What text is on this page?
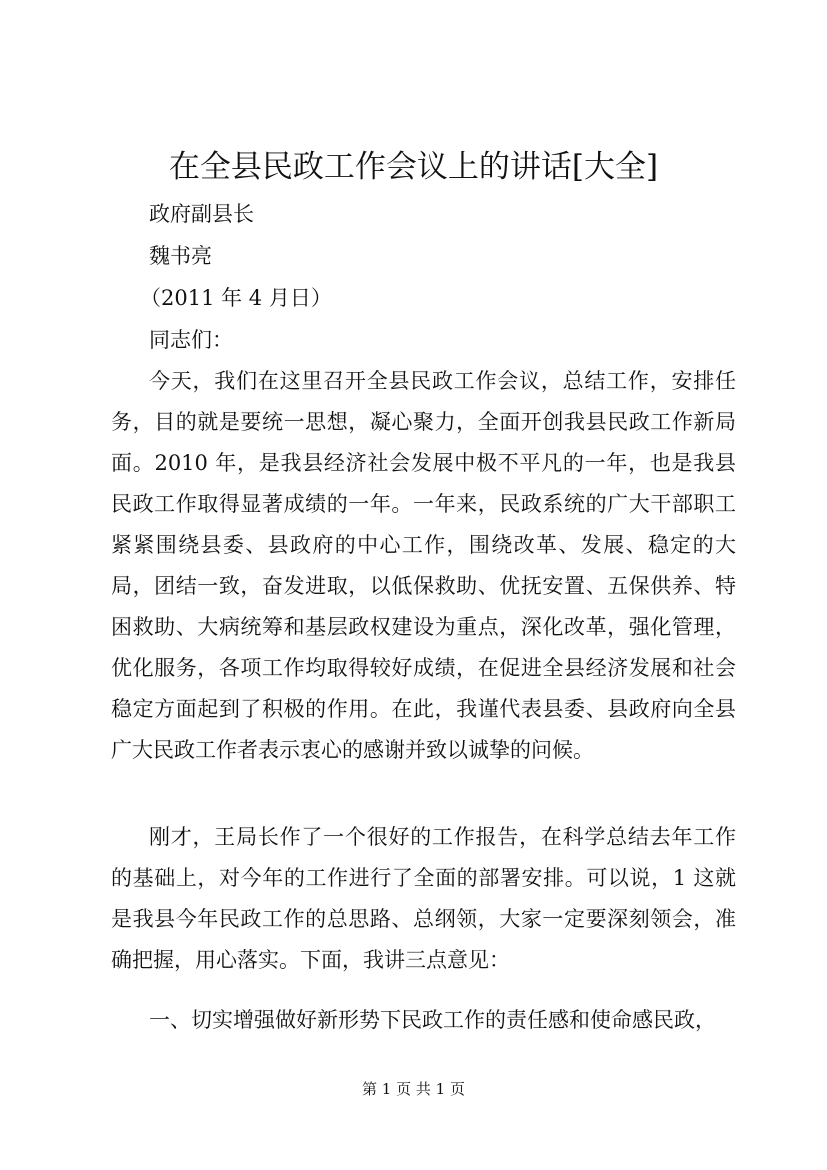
在全县民政工作会议上的讲话[大全]
政府副县长
魏书亮
（2011 年 4 月日）
同志们：

今天，我们在这里召开全县民政工作会议，总结工作，安排任务，目的就是要统一思想，凝心聚力，全面开创我县民政工作新局面。2010 年，是我县经济社会发展中极不平凡的一年，也是我县民政工作取得显著成绩的一年。一年来，民政系统的广大干部职工紧紧围绕县委、县政府的中心工作，围绕改革、发展、稳定的大局，团结一致，奋发进取，以低保救助、优抚安置、五保供养、特困救助、大病统筹和基层政权建设为重点，深化改革，强化管理，优化服务，各项工作均取得较好成绩，在促进全县经济发展和社会稳定方面起到了积极的作用。在此，我谨代表县委、县政府向全县广大民政工作者表示衷心的感谢并致以诚挚的问候。

刚才，王局长作了一个很好的工作报告，在科学总结去年工作的基础上，对今年的工作进行了全面的部署安排。可以说，1 这就是我县今年民政工作的总思路、总纲领，大家一定要深刻领会，准确把握，用心落实。下面，我讲三点意见：

一、切实增强做好新形势下民政工作的责任感和使命感民政，

第 1 页 共 1 页
